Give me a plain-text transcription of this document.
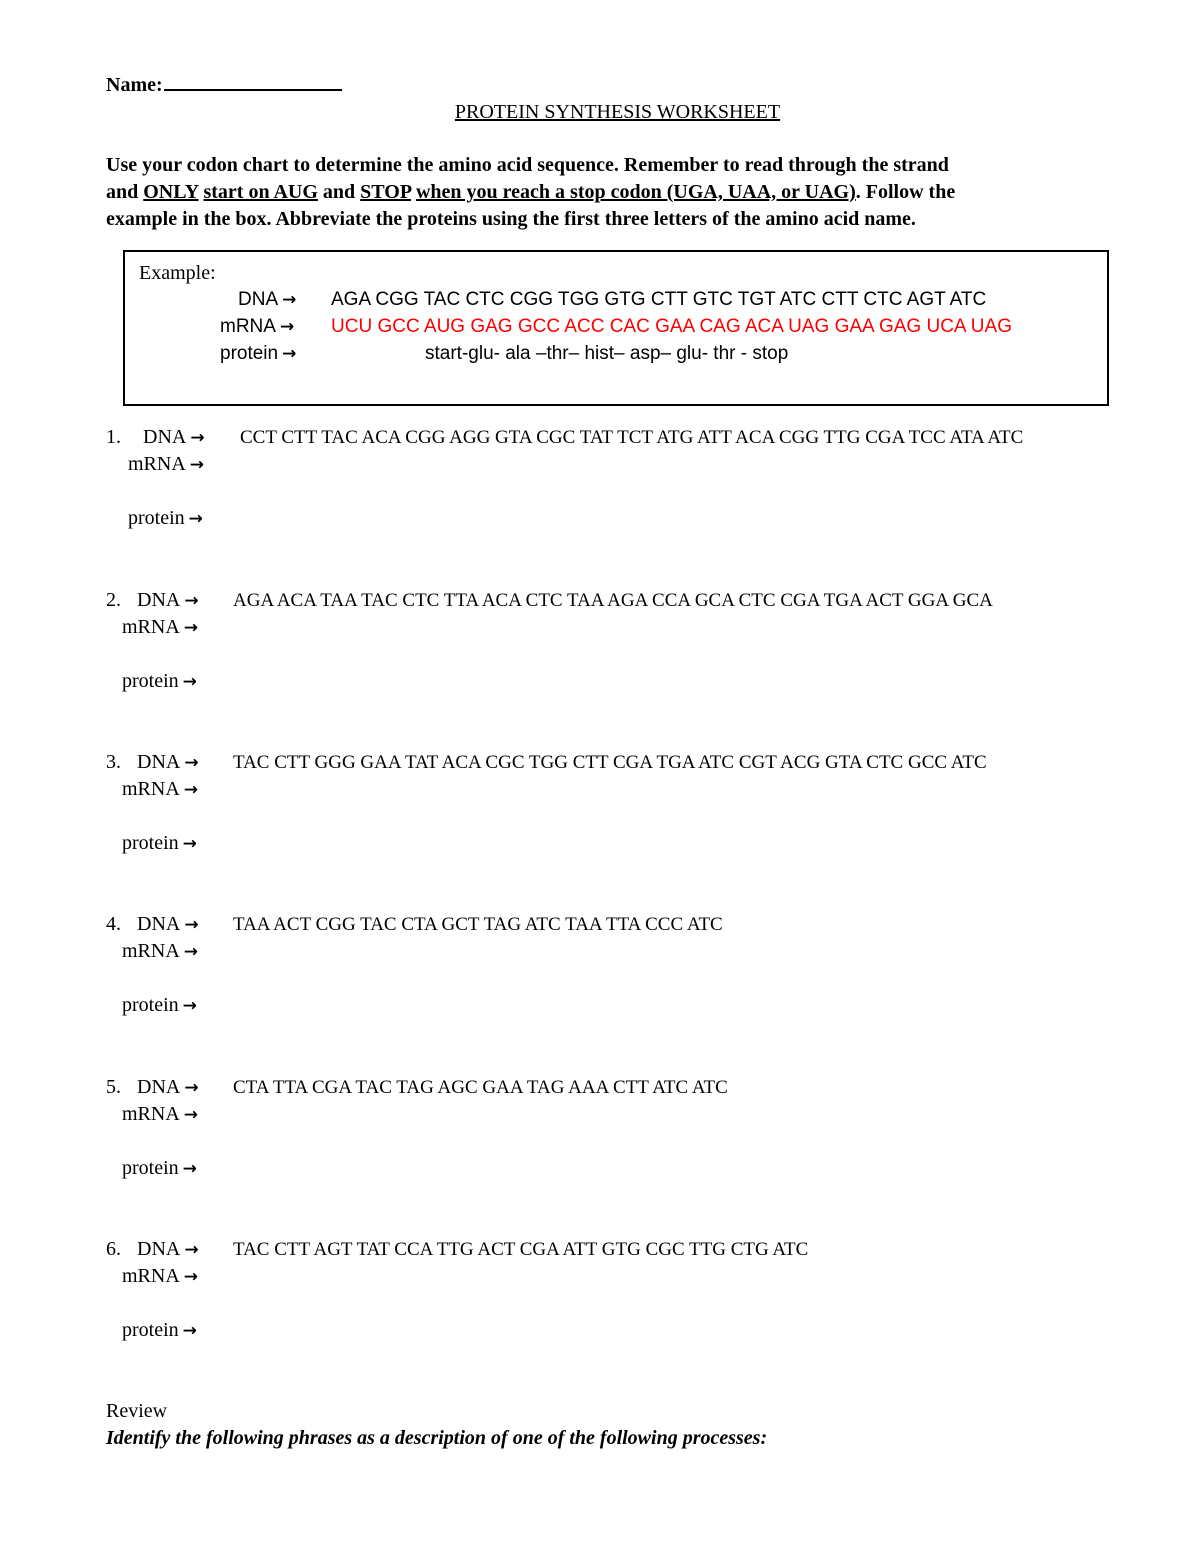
Name:
PROTEIN SYNTHESIS WORKSHEET

Use your codon chart to determine the amino acid sequence. Remember to read through the strand

and ONLY start on AUG and STOP when you reach a stop codon (UGA, UAA, or UAG). Follow the

example in the box. Abbreviate the proteins using the first three letters of the amino acid name.

Example:
DNA → AGA CGG TAC CTC CGG TGG GTG CTT GTC TGT ATC CTT CTC AGT ATC
mRNA → UCU GCC AUG GAG GCC ACC CAC GAA CAG ACA UAG GAA GAG UCA UAG
protein →	start-glu- ala –thr– hist– asp– glu- thr - stop
1. DNA → CCT CTT TAC ACA CGG AGG GTA CGC TAT TCT ATG ATT ACA CGG TTG CGA TCC ATA ATC
mRNA →
protein →
2. DNA → AGA ACA TAA TAC CTC TTA ACA CTC TAA AGA CCA GCA CTC CGA TGA ACT GGA GCA
mRNA →
protein →
3. DNA → TAC CTT GGG GAA TAT ACA CGC TGG CTT CGA TGA ATC CGT ACG GTA CTC GCC ATC
mRNA →
protein →
4. DNA → TAA ACT CGG TAC CTA GCT TAG ATC TAA TTA CCC ATC
mRNA →
protein →
5. DNA → CTA TTA CGA TAC TAG AGC GAA TAG AAA CTT ATC ATC
mRNA →
protein →
6. DNA → TAC CTT AGT TAT CCA TTG ACT CGA ATT GTG CGC TTG CTG ATC
mRNA →
protein →
Review
Identify the following phrases as a description of one of the following processes:
